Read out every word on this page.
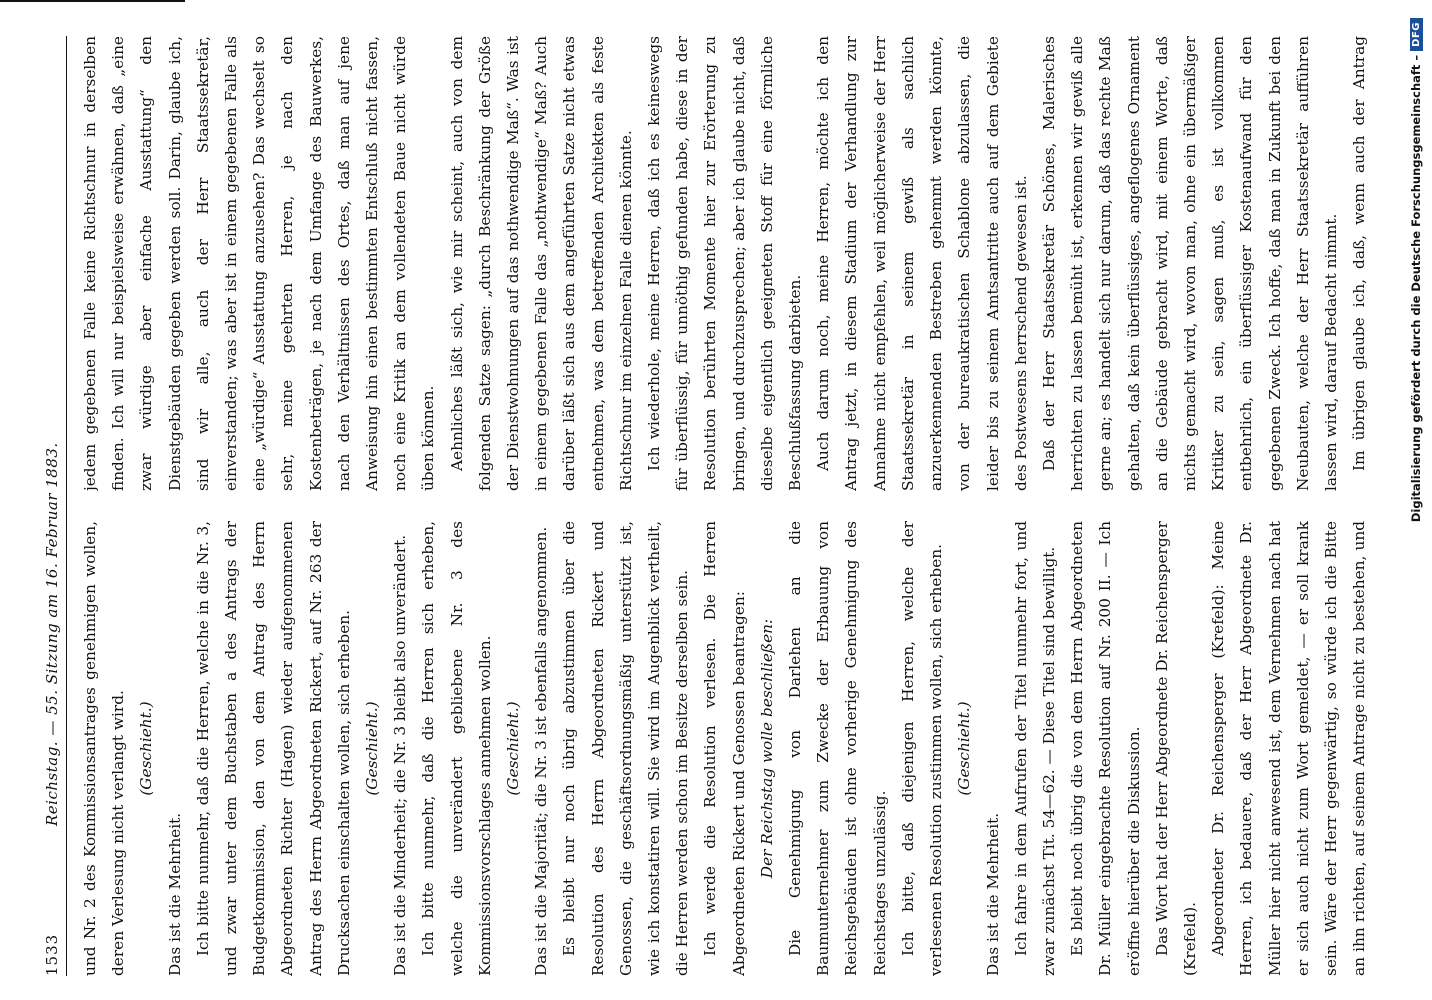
1533
Reichstag. — 55. Sitzung am 16. Februar 1883.	und Nr. 2 des Kommissionsantrages genehmigen wollen, deren Verlesung nicht verlangt wird. (Geschieht.)

Das ist die Mehrheit. Ich bitte nunmehr, daß die Herren, welche in die Nr. 3, und zwar unter dem Buchstaben a des Antrags der Budgetkommission, den von dem Antrag des Herrn Abgeordneten Richter (Hagen) wieder aufgenommenen Antrag des Herrn Abgeordneten Rickert, auf Nr. 263 der Drucksachen einschalten wollen, sich erheben. (Geschieht.) Das ist die Minderheit; die Nr. 3 bleibt also unverändert. Ich bitte nunmehr, daß die Herren sich erheben, welche die unverändert gebliebene Nr. 3 des Kommissionsvorschlages annehmen wollen. (Geschieht.) Das ist die Majorität; die Nr. 3 ist ebenfalls angenommen. Es bleibt nur noch übrig abzustimmen über die Resolution des Herrn Abgeordneten Rickert und Genossen, die geschäftsordnungsmäßig unterstützt ist, wie ich konstatiren will. Sie wird im Augenblick vertheilt, die Herren werden schon im Besitze derselben sein. Ich werde die Resolution verlesen. Die Herren Abgeordneten Rickert und Genossen beantragen: Der Reichstag wolle beschließen: Die Genehmigung von Darlehen an die Baumunternehmer zum Zwecke der Erbauung von Reichsgebäuden ist ohne vorherige Genehmigung des Reichstages unzulässig. Ich bitte, daß diejenigen Herren, welche der verlesenen Resolution zustimmen wollen, sich erheben. (Geschieht.)

Das ist die Mehrheit. Ich fahre in dem Aufrufen der Titel nunmehr fort, und zwar zunächst Tit. 54—62. — Diese Titel sind bewilligt. Es bleibt noch übrig die von dem Herrn Abgeordneten Dr. Müller eingebrachte Resolution auf Nr. 200 II. — Ich eröffne hierüber die Diskussion. Das Wort hat der Herr Abgeordnete Dr. Reichensperger (Krefeld). Abgeordneter Dr. Reichensperger (Krefeld): Meine Herren, ich bedauere, daß der Herr Abgeordnete Dr. Müller hier nicht anwesend ist, dem Vernehmen nach hat er sich auch nicht zum Wort gemeldet, — er soll krank sein. Wäre der Herr gegenwärtig, so würde ich die Bitte an ihn richten, auf seinem Antrage nicht zu bestehen, und

jedem gegebenen Falle keine Richtschnur in derselben finden. Ich will nur beispielsweise erwähnen, daß „eine zwar würdige aber einfache Ausstattung“ den Dienstgebäuden gegeben werden soll. Darin, glaube ich, sind wir alle, auch der Herr Staatssekretär, einverstanden; was aber ist in einem gegebenen Falle als eine „würdige“ Ausstattung anzusehen? Das wechselt so sehr, meine geehrten Herren, je nach den Kostenbeträgen, je nach dem Umfange des Bauwerkes, nach den Verhältnissen des Ortes, daß man auf jene Anweisung hin einen bestimmten Entschluß nicht fassen, noch eine Kritik an dem vollendeten Baue nicht würde üben können. Aehnliches läßt sich, wie mir scheint, auch von dem folgenden Satze sagen: „durch Beschränkung der Größe der Dienstwohnungen auf das nothwendige Maß“. Was ist in einem gegebenen Falle das „nothwendige“ Maß? Auch darüber läßt sich aus dem angeführten Satze nicht etwas entnehmen, was dem betreffenden Architekten als feste Richtschnur im einzelnen Falle dienen könnte. Ich wiederhole, meine Herren, daß ich es keineswegs für überflüssig, für unnöthig gefunden habe, diese in der Resolution berührten Momente hier zur Erörterung zu bringen, und durchzusprechen; aber ich glaube nicht, daß dieselbe eigentlich geeigneten Stoff für eine förmliche Beschlußfassung darbieten. Auch darum noch, meine Herren, möchte ich den Antrag jetzt, in diesem Stadium der Verhandlung zur Annahme nicht empfehlen, weil möglicherweise der Herr Staatssekretär in seinem gewiß als sachlich anzuerkennenden Bestreben gehemmt werden könnte, von der bureaukratischen Schablone abzulassen, die leider bis zu seinem Amtsantritte auch auf dem Gebiete des Postwesens herrschend gewesen ist. Daß der Herr Staatssekretär Schönes, Malerisches herrichten zu lassen bemüht ist, erkennen wir gewiß alle gerne an; es handelt sich nur darum, daß das rechte Maß gehalten, daß kein überflüssiges, angeflogenes Ornament an die Gebäude gebracht wird, mit einem Worte, daß nichts gemacht wird, wovon man, ohne ein übermäßiger Kritiker zu sein, sagen muß, es ist vollkommen entbehrlich, ein überflüssiger Kostenaufwand für den gegebenen Zweck. Ich hoffe, daß man in Zukunft bei den Neubauten, welche der Herr Staatssekretär aufführen lassen wird, darauf Bedacht nimmt. Im übrigen glaube ich, daß, wenn auch der Antrag	Digitalisierung gefördert durch die Deutsche Forschungsgemeinschaft –
DFG
